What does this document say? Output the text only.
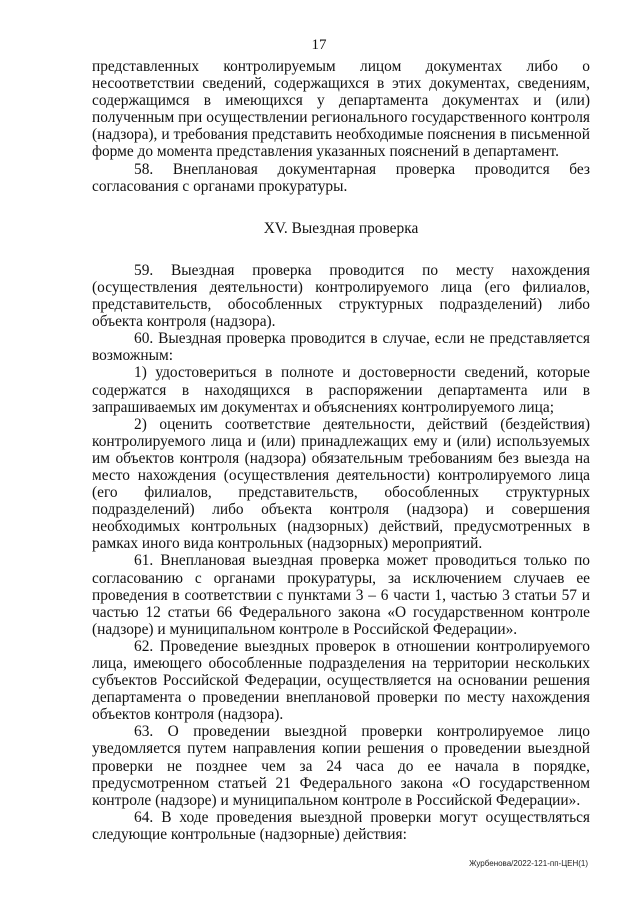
17

представленных контролируемым лицом документах либо о несоответствии сведений, содержащихся в этих документах, сведениям, содержащимся в имеющихся у департамента документах и (или) полученным при осуществлении регионального государственного контроля (надзора), и требования представить необходимые пояснения в письменной форме до момента представления указанных пояснений в департамент.

58. Внеплановая документарная проверка проводится без согласования с органами прокуратуры.

XV. Выездная проверка

59. Выездная проверка проводится по месту нахождения (осуществления деятельности) контролируемого лица (его филиалов, представительств, обособленных структурных подразделений) либо объекта контроля (надзора).

60. Выездная проверка проводится в случае, если не представляется возможным:

1) удостовериться в полноте и достоверности сведений, которые содержатся в находящихся в распоряжении департамента или в запрашиваемых им документах и объяснениях контролируемого лица;

2) оценить соответствие деятельности, действий (бездействия) контролируемого лица и (или) принадлежащих ему и (или) используемых им объектов контроля (надзора) обязательным требованиям без выезда на место нахождения (осуществления деятельности) контролируемого лица (его филиалов, представительств, обособленных структурных подразделений) либо объекта контроля (надзора) и совершения необходимых контрольных (надзорных) действий, предусмотренных в рамках иного вида контрольных (надзорных) мероприятий.

61. Внеплановая выездная проверка может проводиться только по согласованию с органами прокуратуры, за исключением случаев ее проведения в соответствии с пунктами 3 – 6 части 1, частью 3 статьи 57 и частью 12 статьи 66 Федерального закона «О государственном контроле (надзоре) и муниципальном контроле в Российской Федерации».

62. Проведение выездных проверок в отношении контролируемого лица, имеющего обособленные подразделения на территории нескольких субъектов Российской Федерации, осуществляется на основании решения департамента о проведении внеплановой проверки по месту нахождения объектов контроля (надзора).

63. О проведении выездной проверки контролируемое лицо уведомляется путем направления копии решения о проведении выездной проверки не позднее чем за 24 часа до ее начала в порядке, предусмотренном статьей 21 Федерального закона «О государственном контроле (надзоре) и муниципальном контроле в Российской Федерации».

64. В ходе проведения выездной проверки могут осуществляться следующие контрольные (надзорные) действия:

Журбенова/2022-121-пп-ЦЕН(1)
